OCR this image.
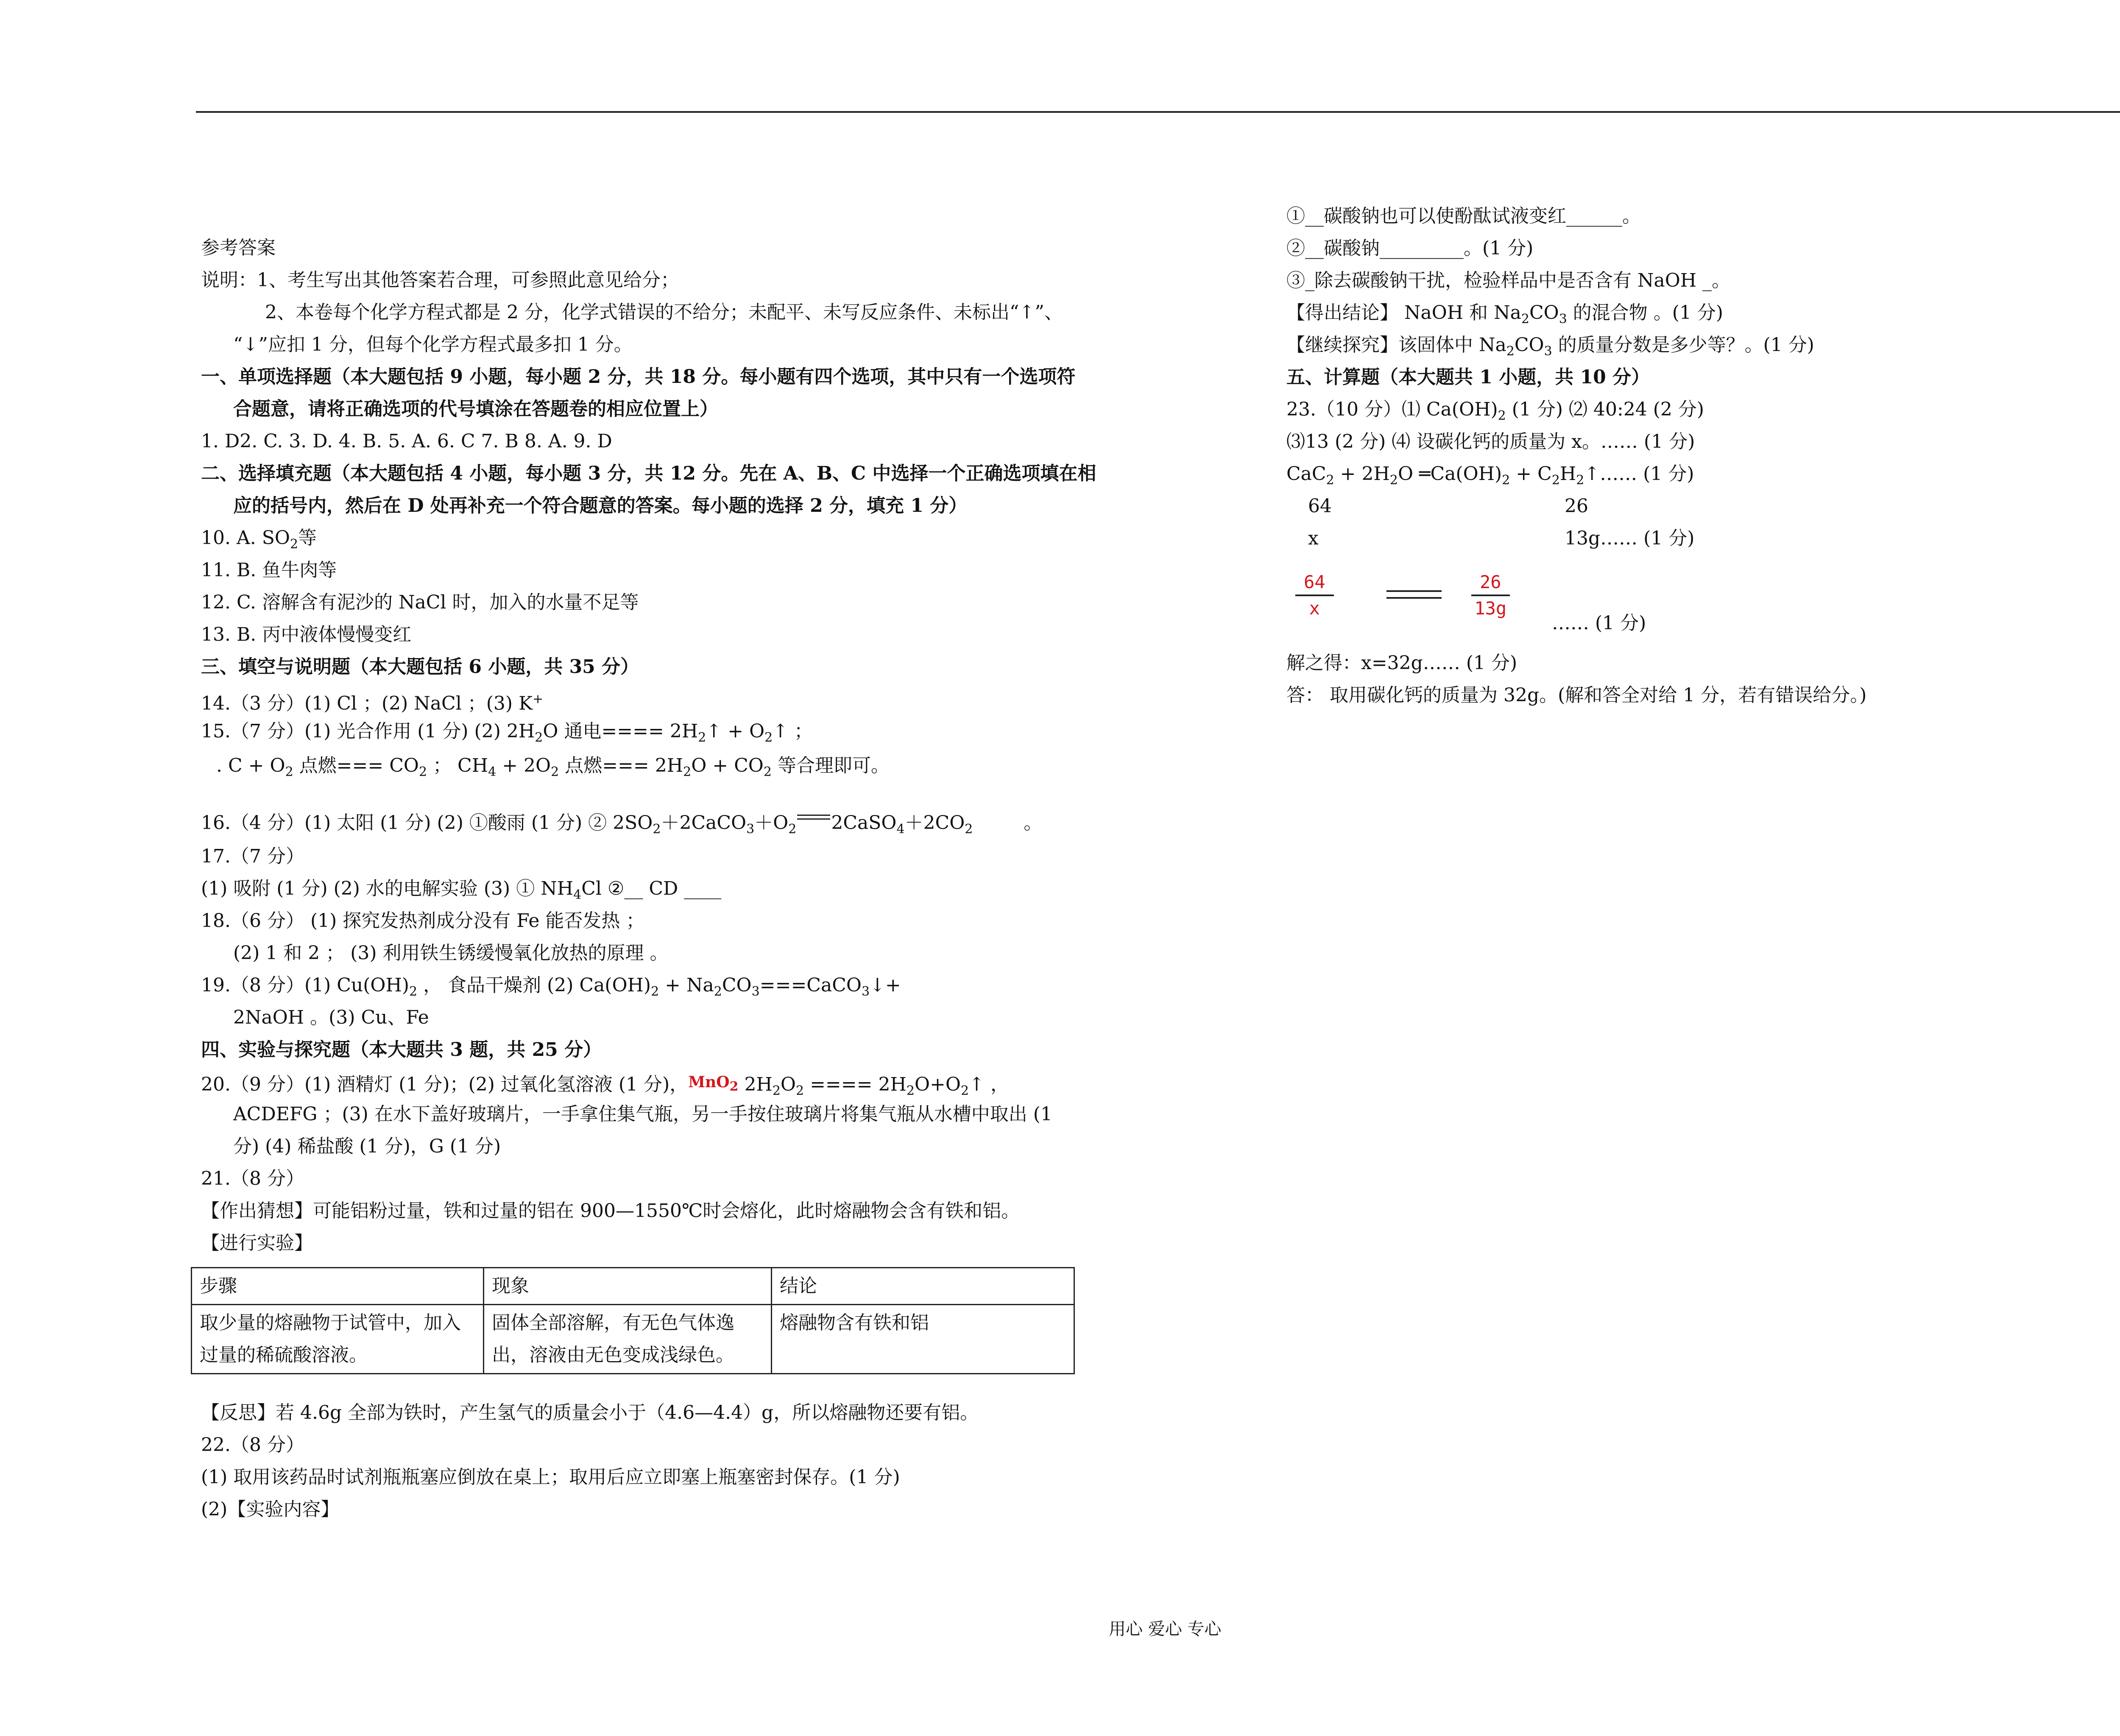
参考答案
说明：1、考生写出其他答案若合理，可参照此意见给分；
2、本卷每个化学方程式都是 2 分，化学式错误的不给分；未配平、未写反应条件、未标出“↑”、
“↓”应扣 1 分，但每个化学方程式最多扣 1 分。
一、单项选择题（本大题包括 9 小题，每小题 2 分，共 18 分。每小题有四个选项，其中只有一个选项符
合题意，请将正确选项的代号填涂在答题卷的相应位置上）
1. D2. C. 3. D. 4. B. 5. A. 6. C 7. B 8. A. 9. D
二、选择填充题（本大题包括 4 小题，每小题 3 分，共 12 分。先在 A、B、C 中选择一个正确选项填在相
应的括号内，然后在 D 处再补充一个符合题意的答案。每小题的选择 2 分，填充 1 分）
10. A. $SO_2$等
11. B. 鱼牛肉等
12. C. 溶解含有泥沙的 NaCl 时，加入的水量不足等
13. B. 丙中液体慢慢变红
三、填空与说明题（本大题包括 6 小题，共 35 分）
14.（3 分）(1) Cl ；(2) NaCl ；(3) K+
15.（7 分）(1) 光合作用 (1 分) (2) $2H_2O$ 通电==== $2H_2↑$ + $O_2↑$ ；
. $C + O_2$ 点燃=== $CO_2$ ； $CH_4 + 2O_2$ 点燃=== $2H_2O + CO_2$ 等合理即可。
16.（4 分）(1) 太阳 (1 分) (2) ①酸雨 (1 分) ② $2SO_2+2CaCO_3+O_2$ $2CaSO_4+2CO_2$	。
17.（7 分）
(1) 吸附 (1 分) (2) 水的电解实验 (3) ① $NH_4Cl$ ②__ CD ____
18.（6 分） (1) 探究发热剂成分没有 Fe 能否发热 ；
(2) 1 和 2 ； (3) 利用铁生锈缓慢氧化放热的原理 。
19.（8 分）(1) $Cu(OH)_2$ ， 食品干燥剂 (2) $Ca(OH)_2$ + $Na_2CO_3===CaCO_3↓+$
2NaOH 。(3) Cu、Fe
四、实验与探究题（本大题共 3 题，共 25 分）
20.（9 分）(1) 酒精灯 (1 分)；(2) 过氧化氢溶液 (1 分)，MnO$_2$ $2H_2O_2$ ==== $2H_2O+O_2↑$ ，
ACDEFG ；(3) 在水下盖好玻璃片，一手拿住集气瓶，另一手按住玻璃片将集气瓶从水槽中取出 (1
分) (4) 稀盐酸 (1 分)，G (1 分)
21.（8 分）
【作出猜想】可能铝粉过量，铁和过量的铝在 900—1550℃时会熔化，此时熔融物会含有铁和铝。
【进行实验】
步骤	现象	结论
取少量的熔融物于试管中，加入过量的稀硫酸溶液。	固体全部溶解，有无色气体逸出，溶液由无色变成浅绿色。	熔融物含有铁和铝
【反思】若 4.6g 全部为铁时，产生氢气的质量会小于（4.6—4.4）g，所以熔融物还要有铝。
22.（8 分）
(1) 取用该药品时试剂瓶瓶塞应倒放在桌上；取用后应立即塞上瓶塞密封保存。(1 分)
(2)【实验内容】
①__碳酸钠也可以使酚酞试液变红______。
②__碳酸钠_________。(1 分)
③_除去碳酸钠干扰，检验样品中是否含有 NaOH _。
【得出结论】 NaOH 和 $Na_2CO_3$ 的混合物 。(1 分)
【继续探究】该固体中 $Na_2CO_3$ 的质量分数是多少等？。(1 分)
五、计算题（本大题共 1 小题，共 10 分）
23.（10 分）⑴ $Ca(OH)_2$ (1 分) ⑵ 40:24 (2 分)
⑶13 (2 分) ⑷ 设碳化钙的质量为 x。…… (1 分)
$CaC_2 + 2H_2O$ $═Ca(OH)_2$ + $C_2H_2↑\dots\dots$ (1 分)
64	26
x	13g…… (1 分)
$\frac{64}{x}$	$\frac{26}{13g}$
…… (1 分)
解之得：x=32g…… (1 分)
答： 取用碳化钙的质量为 32g。(解和答全对给 1 分，若有错误给分。)
用心 爱心 专心
